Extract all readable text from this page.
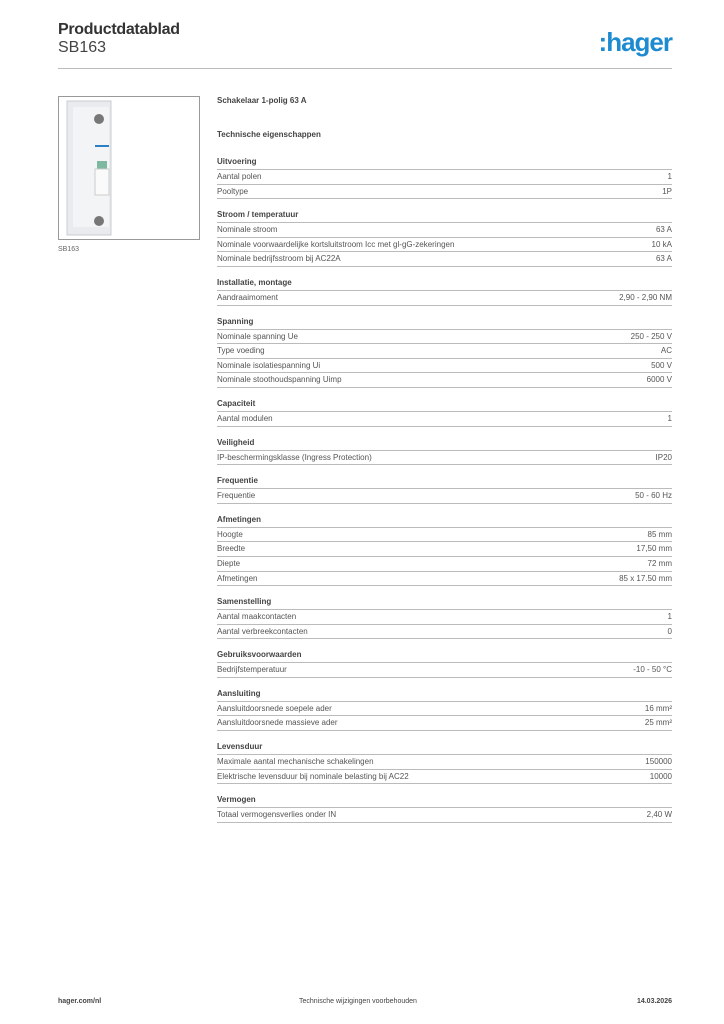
Productdatablad
SB163	:hager
SB163
Schakelaar 1-polig 63 A
Technische eigenschappen
Uitvoering
Aantal polen	1
Pooltype	1P
Stroom / temperatuur
Nominale stroom	63 A
Nominale voorwaardelijke kortsluitstroom Icc met gl-gG-zekeringen	10 kA
Nominale bedrijfsstroom bij AC22A	63 A
Installatie, montage
Aandraaimoment	2,90 - 2,90 NM
Spanning
Nominale spanning Ue	250 - 250 V
Type voeding	AC
Nominale isolatiespanning Ui	500 V
Nominale stoothoudspanning Uimp	6000 V
Capaciteit
Aantal modulen	1
Veiligheid
IP-beschermingsklasse (Ingress Protection)	IP20
Frequentie
Frequentie	50 - 60 Hz
Afmetingen
Hoogte	85 mm
Breedte	17,50 mm
Diepte	72 mm
Afmetingen	85 x 17.50 mm
Samenstelling
Aantal maakcontacten	1
Aantal verbreekcontacten	0
Gebruiksvoorwaarden
Bedrijfstemperatuur	-10 - 50 °C
Aansluiting
Aansluitdoorsnede soepele ader	16 mm²
Aansluitdoorsnede massieve ader	25 mm²
Levensduur
Maximale aantal mechanische schakelingen	150000
Elektrische levensduur bij nominale belasting bij AC22	10000
Vermogen
Totaal vermogensverlies onder IN	2,40 W
hager.com/nl	Technische wijzigingen voorbehouden	14.03.2026
